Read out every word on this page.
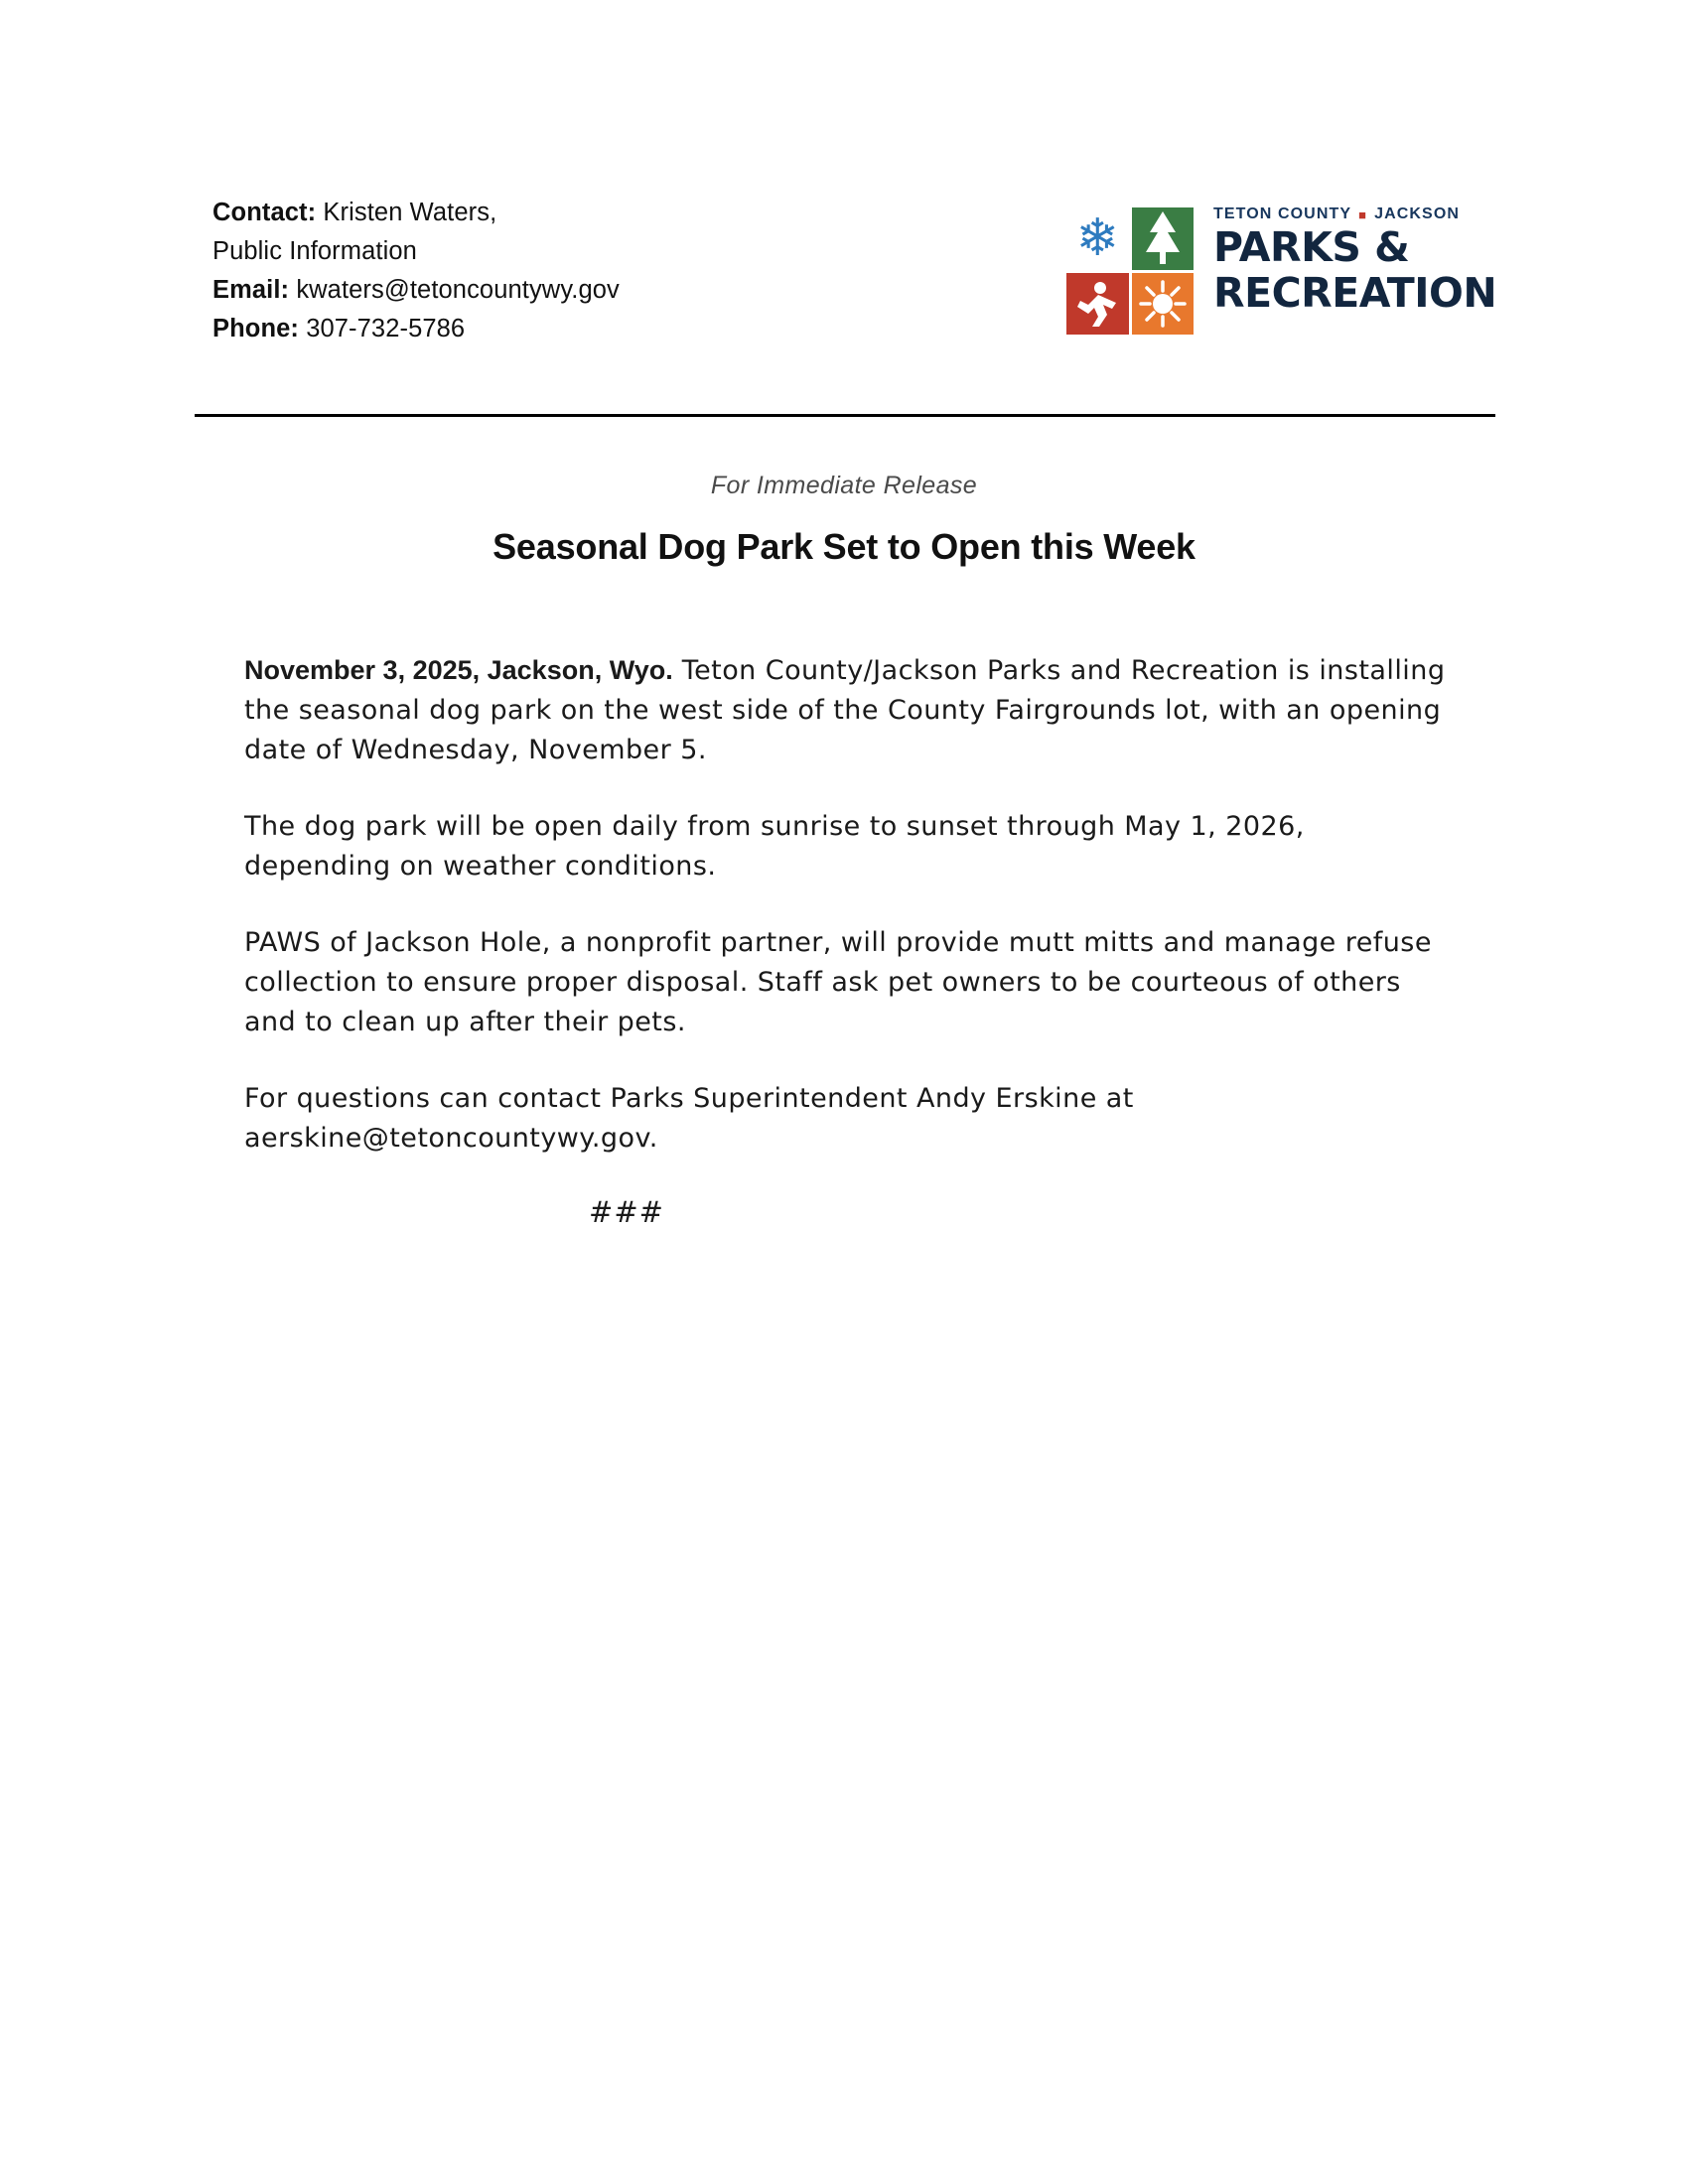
Contact: Kristen Waters,
Public Information
Email: kwaters@tetoncountywy.gov
Phone: 307-732-5786
❄	TETON COUNTY ■ JACKSON
PARKS &
RECREATION
For Immediate Release
Seasonal Dog Park Set to Open this Week

November 3, 2025, Jackson, Wyo. Teton County/Jackson Parks and Recreation is installing the seasonal dog park on the west side of the County Fairgrounds lot, with an opening date of Wednesday, November 5.

The dog park will be open daily from sunrise to sunset through May 1, 2026, depending on weather conditions.

PAWS of Jackson Hole, a nonprofit partner, will provide mutt mitts and manage refuse collection to ensure proper disposal. Staff ask pet owners to be courteous of others and to clean up after their pets.

For questions can contact Parks Superintendent Andy Erskine at aerskine@tetoncountywy.gov.

###
